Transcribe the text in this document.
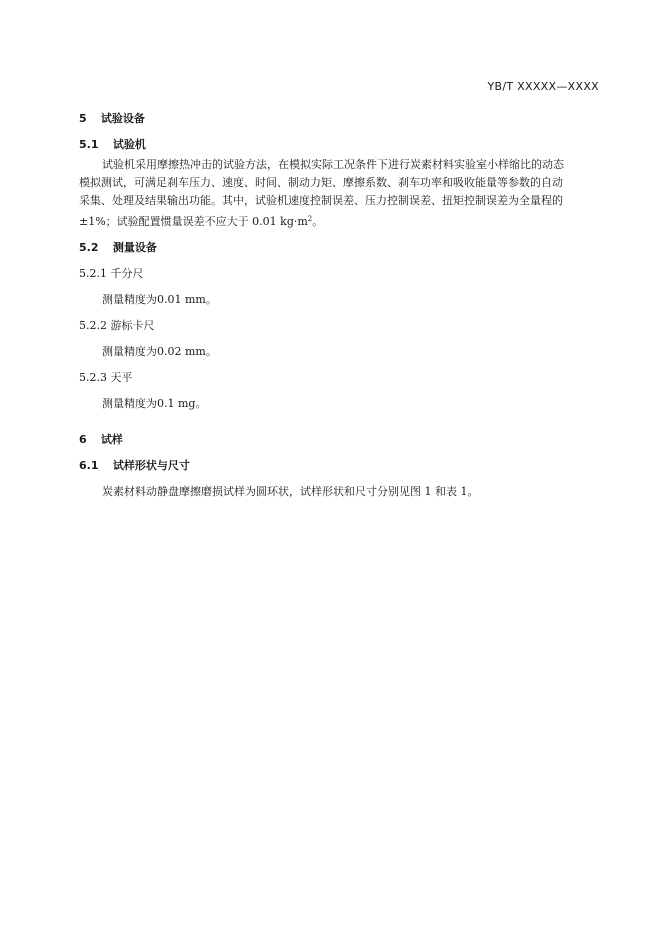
YB/T XXXXX—XXXX
5 试验设备
5.1 试验机
试验机采用摩擦热冲击的试验方法，在模拟实际工况条件下进行炭素材料实验室小样缩比的动态
模拟测试，可满足刹车压力、速度、时间、制动力矩、摩擦系数、刹车功率和吸收能量等参数的自动
采集、处理及结果输出功能。其中，试验机速度控制误差、压力控制误差、扭矩控制误差为全量程的
±1%；试验配置惯量误差不应大于 0.01 $kg\cdot m^2$。
5.2 测量设备
5.2.1 千分尺
测量精度为0.01 mm。
5.2.2 游标卡尺
测量精度为0.02 mm。
5.2.3 天平
测量精度为0.1 mg。
6 试样
6.1 试样形状与尺寸
炭素材料动静盘摩擦磨损试样为圆环状，试样形状和尺寸分别见图 1 和表 1。
